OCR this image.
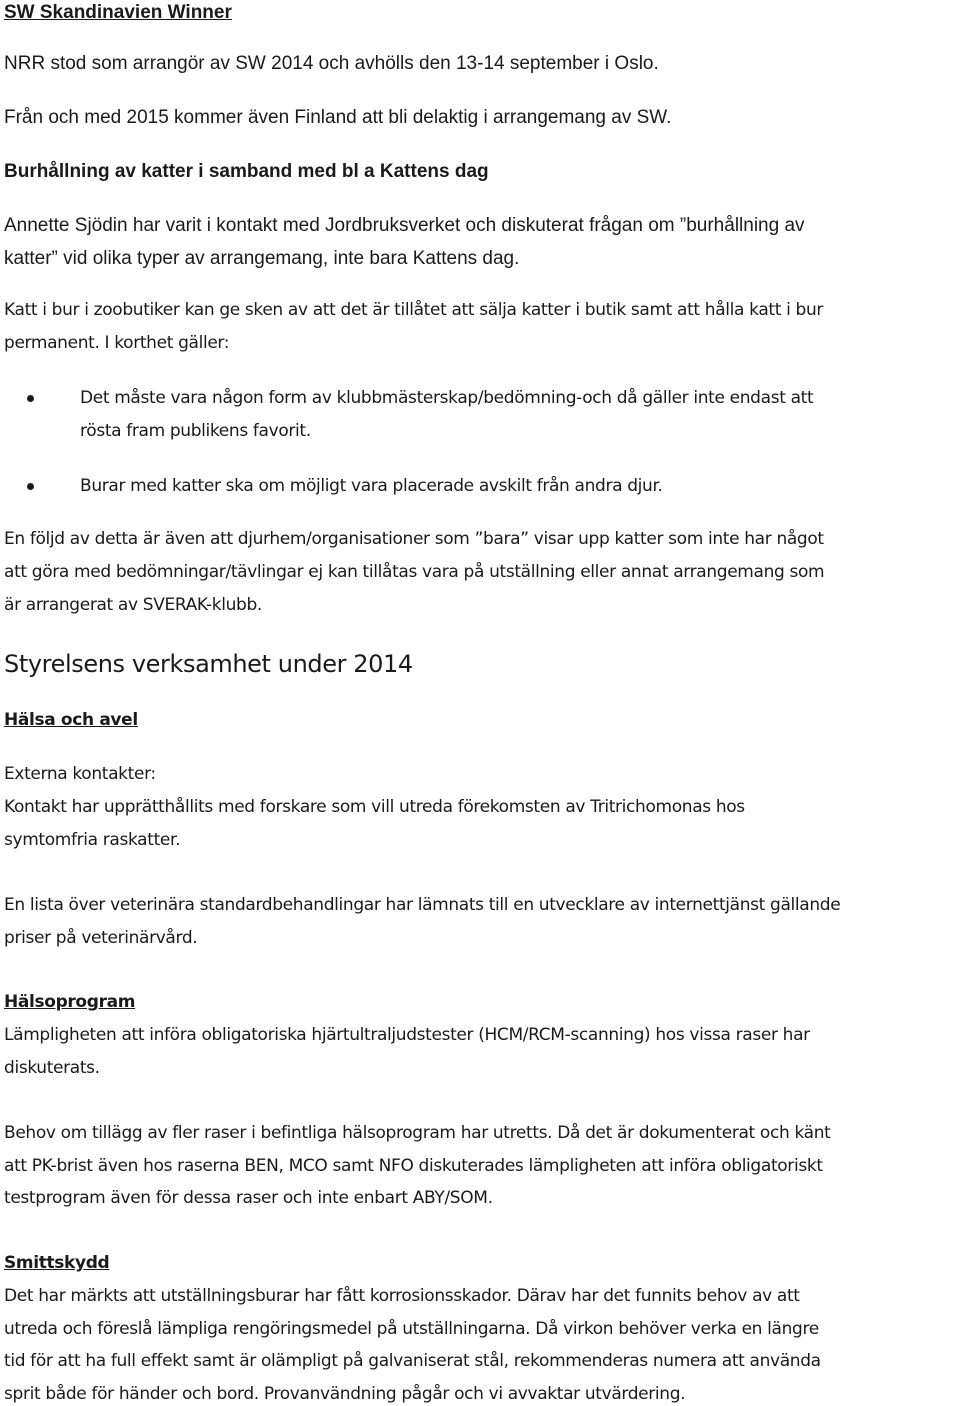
SW Skandinavien Winner
NRR stod som arrangör av SW 2014 och avhölls den 13-14 september i Oslo.
Från och med 2015 kommer även Finland att bli delaktig i arrangemang av SW.
Burhållning av katter i samband med bl a Kattens dag
Annette Sjödin har varit i kontakt med Jordbruksverket och diskuterat frågan om ”burhållning av
katter” vid olika typer av arrangemang, inte bara Kattens dag.
Katt i bur i zoobutiker kan ge sken av att det är tillåtet att sälja katter i butik samt att hålla katt i bur
permanent. I korthet gäller:
Det måste vara någon form av klubbmästerskap/bedömning-och då gäller inte endast att
rösta fram publikens favorit.
Burar med katter ska om möjligt vara placerade avskilt från andra djur.
En följd av detta är även att djurhem/organisationer som ”bara” visar upp katter som inte har något
att göra med bedömningar/tävlingar ej kan tillåtas vara på utställning eller annat arrangemang som
är arrangerat av SVERAK-klubb.
Styrelsens verksamhet under 2014
Hälsa och avel
Externa kontakter:
Kontakt har upprätthållits med forskare som vill utreda förekomsten av Tritrichomonas hos
symtomfria raskatter.
En lista över veterinära standardbehandlingar har lämnats till en utvecklare av internettjänst gällande
priser på veterinärvård.
Hälsoprogram
Lämpligheten att införa obligatoriska hjärtultraljudstester (HCM/RCM-scanning) hos vissa raser har
diskuterats.
Behov om tillägg av fler raser i befintliga hälsoprogram har utretts. Då det är dokumenterat och känt
att PK-brist även hos raserna BEN, MCO samt NFO diskuterades lämpligheten att införa obligatoriskt
testprogram även för dessa raser och inte enbart ABY/SOM.
Smittskydd
Det har märkts att utställningsburar har fått korrosionsskador. Därav har det funnits behov av att
utreda och föreslå lämpliga rengöringsmedel på utställningarna. Då virkon behöver verka en längre
tid för att ha full effekt samt är olämpligt på galvaniserat stål, rekommenderas numera att använda
sprit både för händer och bord. Provanvändning pågår och vi avvaktar utvärdering.
